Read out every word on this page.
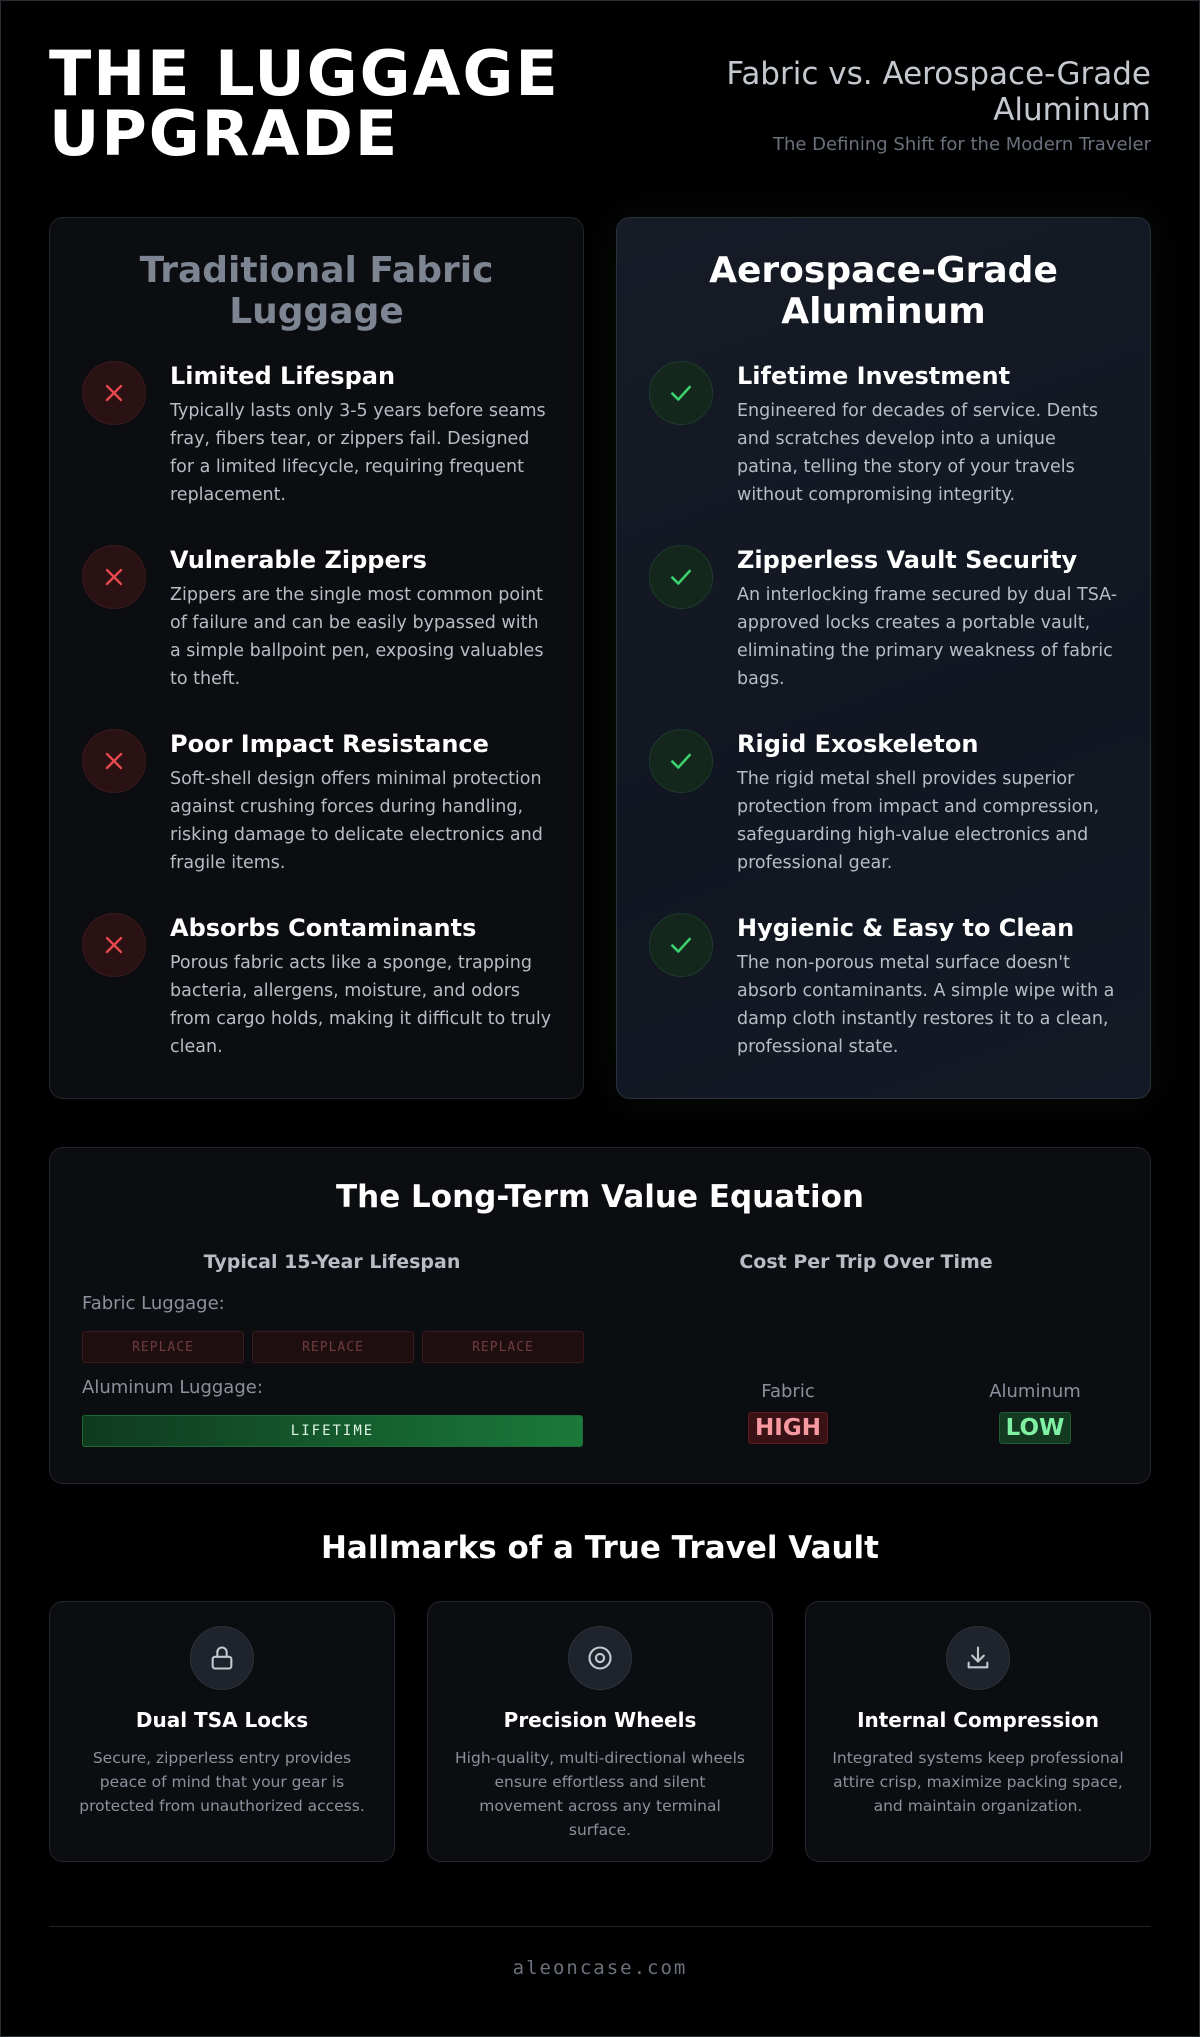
THE LUGGAGE UPGRADE
Fabric vs. Aerospace-Grade Aluminum
The Defining Shift for the Modern Traveler
Traditional Fabric Luggage
Limited Lifespan
Typically lasts only 3-5 years before seams fray, fibers tear, or zippers fail. Designed for a limited lifecycle, requiring frequent replacement.
Vulnerable Zippers
Zippers are the single most common point of failure and can be easily bypassed with a simple ballpoint pen, exposing valuables to theft.
Poor Impact Resistance
Soft-shell design offers minimal protection against crushing forces during handling, risking damage to delicate electronics and fragile items.
Absorbs Contaminants
Porous fabric acts like a sponge, trapping bacteria, allergens, moisture, and odors from cargo holds, making it difficult to truly clean.
Aerospace-Grade Aluminum
Lifetime Investment
Engineered for decades of service. Dents and scratches develop into a unique patina, telling the story of your travels without compromising integrity.
Zipperless Vault Security
An interlocking frame secured by dual TSA-approved locks creates a portable vault, eliminating the primary weakness of fabric bags.
Rigid Exoskeleton
The rigid metal shell provides superior protection from impact and compression, safeguarding high-value electronics and professional gear.
Hygienic & Easy to Clean
The non-porous metal surface doesn't absorb contaminants. A simple wipe with a damp cloth instantly restores it to a clean, professional state.
The Long-Term Value Equation
Typical 15-Year Lifespan	Cost Per Trip Over Time
Fabric Luggage:
REPLACE	REPLACE	REPLACE
Aluminum Luggage:
LIFETIME
Fabric
HIGH
Aluminum
LOW
Hallmarks of a True Travel Vault
Dual TSA Locks
Secure, zipperless entry provides peace of mind that your gear is protected from unauthorized access.
Precision Wheels
High-quality, multi-directional wheels ensure effortless and silent movement across any terminal surface.
Internal Compression
Integrated systems keep professional attire crisp, maximize packing space, and maintain organization.
aleoncase.com
